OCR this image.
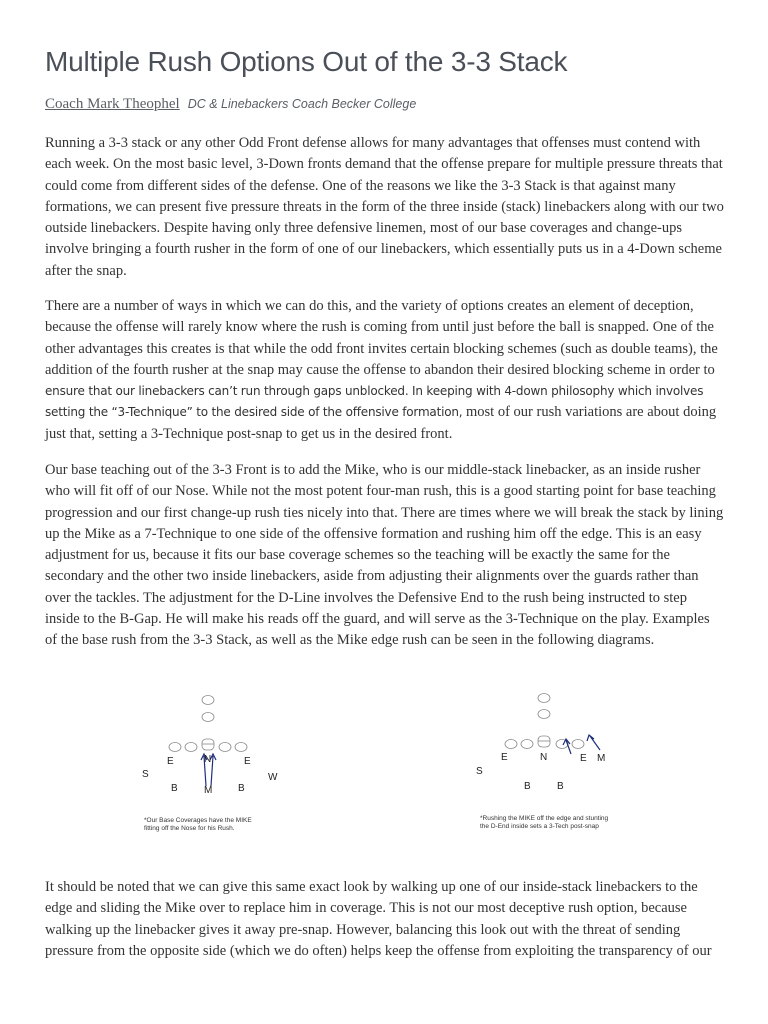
Multiple Rush Options Out of the 3-3 Stack
Coach Mark Theophel DC & Linebackers Coach Becker College

Running a 3-3 stack or any other Odd Front defense allows for many advantages that offenses must contend with each week. On the most basic level, 3-Down fronts demand that the offense prepare for multiple pressure threats that could come from different sides of the defense. One of the reasons we like the 3-3 Stack is that against many formations, we can present five pressure threats in the form of the three inside (stack) linebackers along with our two outside linebackers. Despite having only three defensive linemen, most of our base coverages and change-ups involve bringing a fourth rusher in the form of one of our linebackers, which essentially puts us in a 4-Down scheme after the snap.

There are a number of ways in which we can do this, and the variety of options creates an element of deception, because the offense will rarely know where the rush is coming from until just before the ball is snapped. One of the other advantages this creates is that while the odd front invites certain blocking schemes (such as double teams), the addition of the fourth rusher at the snap may cause the offense to abandon their desired blocking scheme in order to ensure that our linebackers can’t run through gaps unblocked. In keeping with 4-down philosophy which involves setting the “3-Technique” to the desired side of the offensive formation, most of our rush variations are about doing just that, setting a 3-Technique post-snap to get us in the desired front.

Our base teaching out of the 3-3 Front is to add the Mike, who is our middle-stack linebacker, as an inside rusher who will fit off of our Nose. While not the most potent four-man rush, this is a good starting point for base teaching progression and our first change-up rush ties nicely into that. There are times where we will break the stack by lining up the Mike as a 7-Technique to one side of the offensive formation and rushing him off the edge. This is an easy adjustment for us, because it fits our base coverage schemes so the teaching will be exactly the same for the secondary and the other two inside linebackers, aside from adjusting their alignments over the guards rather than over the tackles. The adjustment for the D-Line involves the Defensive End to the rush being instructed to step inside to the B-Gap. He will make his reads off the guard, and will serve as the 3-Technique on the play. Examples of the base rush from the 3-3 Stack, as well as the Mike edge rush can be seen in the following diagrams.

E	N	E
S	W
B	M	B
*Our Base Coverages have the MIKE
fitting off the Nose for his Rush.
E	N	E M
S
B	B
*Rushing the MIKE off the edge and stunting
the D-End inside sets a 3-Tech post-snap

It should be noted that we can give this same exact look by walking up one of our inside-stack linebackers to the edge and sliding the Mike over to replace him in coverage. This is not our most deceptive rush option, because walking up the linebacker gives it away pre-snap. However, balancing this look out with the threat of sending pressure from the opposite side (which we do often) helps keep the offense from exploiting the transparency of our
